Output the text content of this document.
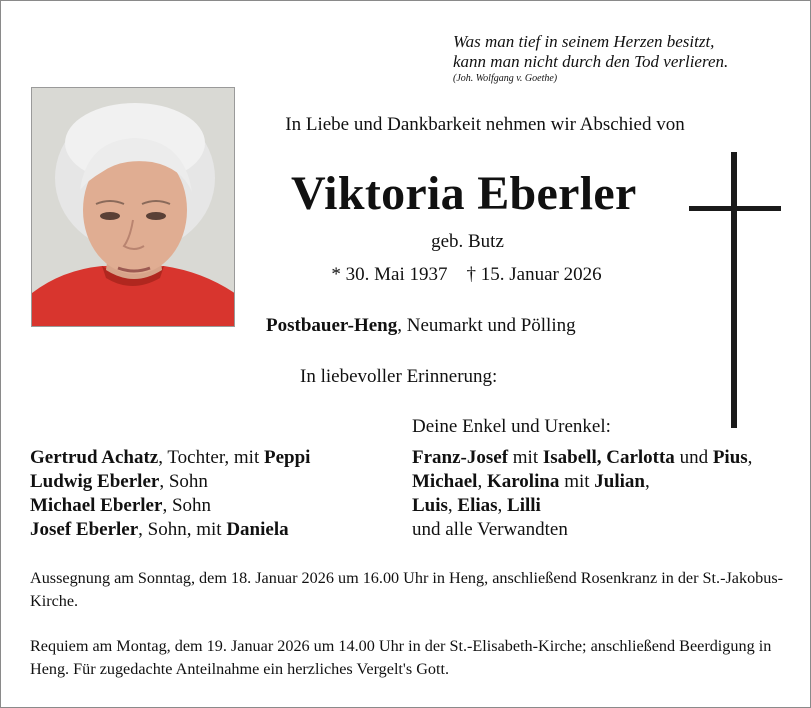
Was man tief in seinem Herzen besitzt,
kann man nicht durch den Tod verlieren.
(Joh. Wolfgang v. Goethe)
In Liebe und Dankbarkeit nehmen wir Abschied von
Viktoria Eberler
geb. Butz
* 30. Mai 1937 † 15. Januar 2026
Postbauer-Heng, Neumarkt und Pölling
In liebevoller Erinnerung:
Deine Enkel und Urenkel:
Gertrud Achatz, Tochter, mit Peppi
Ludwig Eberler, Sohn
Michael Eberler, Sohn
Josef Eberler, Sohn, mit Daniela
Franz-Josef mit Isabell, Carlotta und Pius,
Michael, Karolina mit Julian,
Luis, Elias, Lilli
und alle Verwandten
Aussegnung am Sonntag, dem 18. Januar 2026 um 16.00 Uhr in Heng, anschließend Rosenkranz in der St.-Jakobus-Kirche.
Requiem am Montag, dem 19. Januar 2026 um 14.00 Uhr in der St.-Elisabeth-Kirche; anschließend Beerdigung in Heng. Für zugedachte Anteilnahme ein herzliches Vergelt's Gott.
